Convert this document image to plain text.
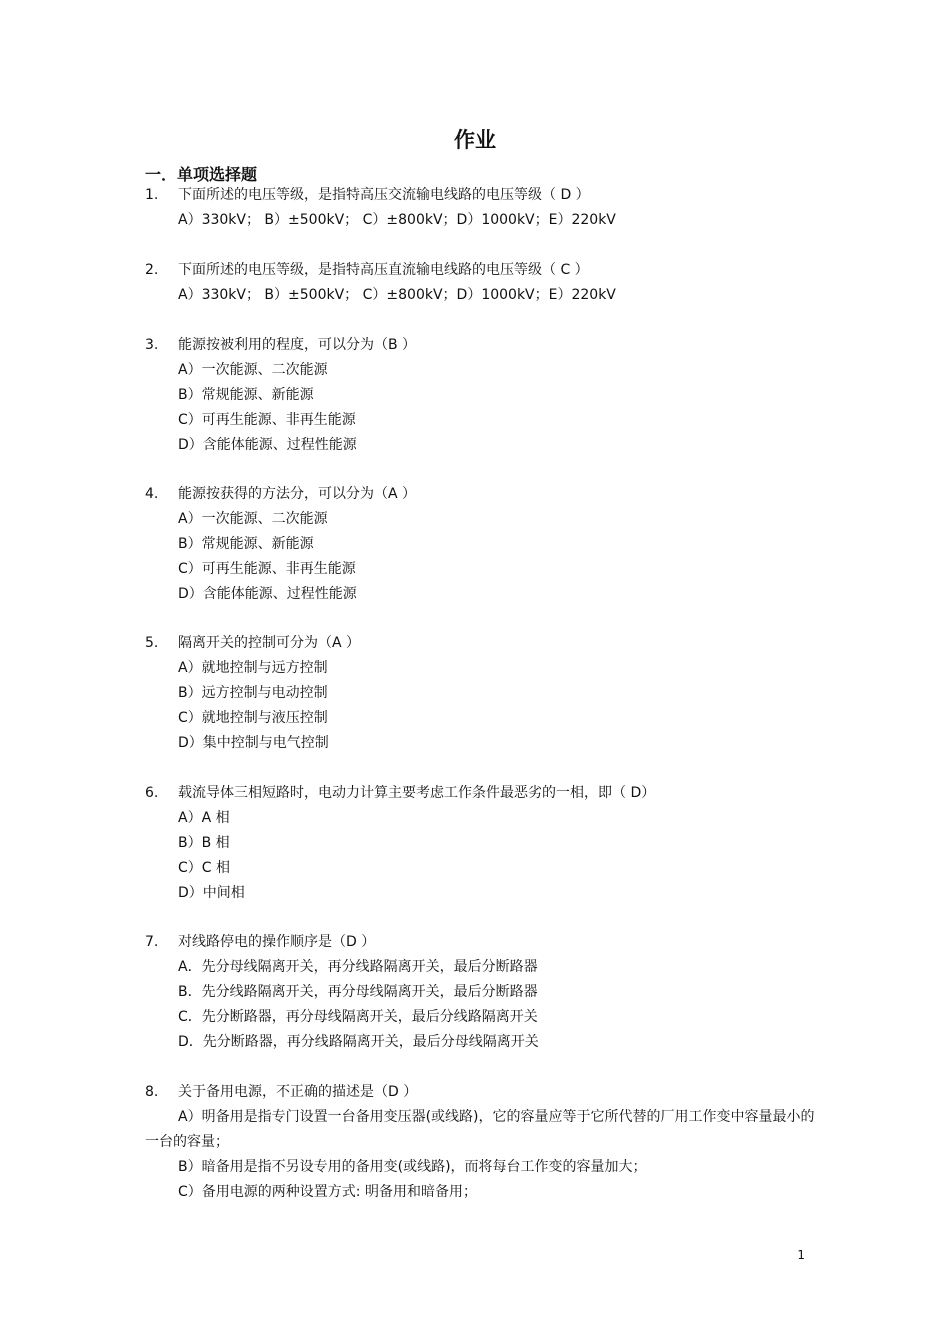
作业
一．单项选择题
1.	下面所述的电压等级，是指特高压交流输电线路的电压等级（ D ）
A）330kV； B）±500kV； C）±800kV；D）1000kV；E）220kV
2.	下面所述的电压等级，是指特高压直流输电线路的电压等级（ C ）
A）330kV； B）±500kV； C）±800kV；D）1000kV；E）220kV
3.	能源按被利用的程度，可以分为（B ）
A）一次能源、二次能源
B）常规能源、新能源
C）可再生能源、非再生能源
D）含能体能源、过程性能源
4.	能源按获得的方法分，可以分为（A ）
A）一次能源、二次能源
B）常规能源、新能源
C）可再生能源、非再生能源
D）含能体能源、过程性能源
5.	隔离开关的控制可分为（A ）
A）就地控制与远方控制
B）远方控制与电动控制
C）就地控制与液压控制
D）集中控制与电气控制
6.	载流导体三相短路时，电动力计算主要考虑工作条件最恶劣的一相，即（ D）
A）A 相
B）B 相
C）C 相
D）中间相
7.	对线路停电的操作顺序是（D ）
A．先分母线隔离开关，再分线路隔离开关，最后分断路器
B．先分线路隔离开关，再分母线隔离开关，最后分断路器
C．先分断路器，再分母线隔离开关，最后分线路隔离开关
D．先分断路器，再分线路隔离开关，最后分母线隔离开关
8.	关于备用电源，不正确的描述是（D ）
A）明备用是指专门设置一台备用变压器(或线路)，它的容量应等于它所代替的厂用工作变中容量最小的一台的容量；
B）暗备用是指不另设专用的备用变(或线路)，而将每台工作变的容量加大；
C）备用电源的两种设置方式: 明备用和暗备用；
1
